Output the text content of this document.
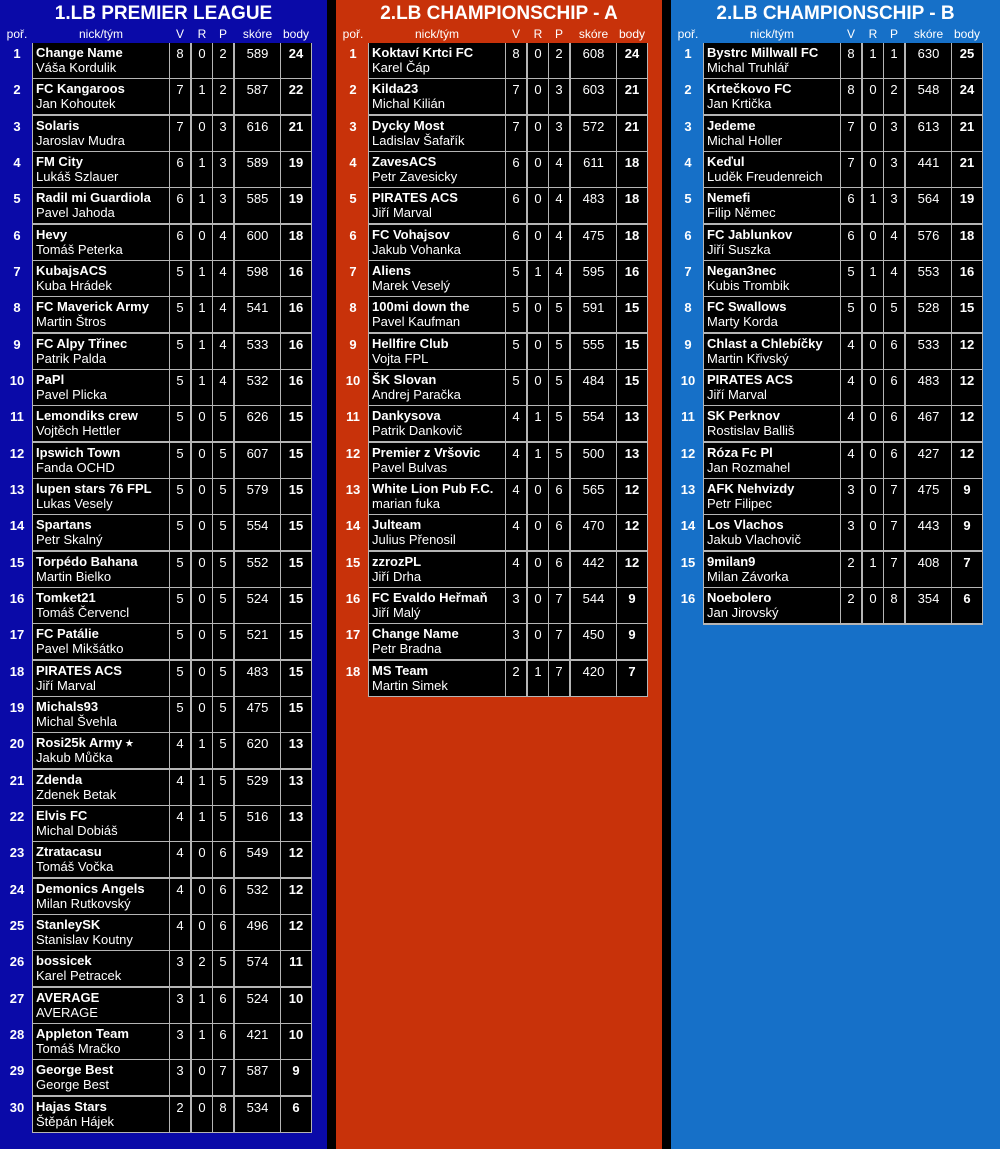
1.LB PREMIER LEAGUE
poř.	nick/tým	V	R	P	skóre body
1	Change Name
Váša Kordulik
8	0	2	589	24
2	FC Kangaroos
Jan Kohoutek
7	1	2	587	22
3	Solaris
Jaroslav Mudra
7	0	3	616	21
4	FM City
Lukáš Szlauer
6	1	3	589	19
5	Radil mi Guardiola
Pavel Jahoda
6	1	3	585	19
6	Hevy
Tomáš Peterka
6	0	4	600	18
7	KubajsACS
Kuba Hrádek
5	1	4	598	16
8	FC Maverick Army
Martin Štros
5	1	4	541	16
9	FC Alpy Třinec
Patrik Palda
5	1	4	533	16
10 PaPl
Pavel Plicka
5	1	4	532	16
11 Lemondiks crew
Vojtěch Hettler
5	0	5	626	15
12 Ipswich Town
Fanda OCHD
5	0	5	607	15
13 lupen stars 76 FPL
Lukas Vesely
5	0	5	579	15
14 Spartans
Petr Skalný
5	0	5	554	15
15 Torpédo Bahana
Martin Bielko
5	0	5	552	15
16 Tomket21
Tomáš Červencl
5	0	5	524	15
17 FC Patálie
Pavel Mikšátko
5	0	5	521	15
18 PIRATES ACS
Jiří Marval
5	0	5	483	15
19 Michals93
Michal Švehla
5	0	5	475	15
20 Rosi25k Army ⭑
Jakub Můčka
4	1	5	620	13
21 Zdenda
Zdenek Betak
4	1	5	529	13
22 Elvis FC
Michal Dobiáš
4	1	5	516	13
23 Ztratacasu
Tomáš Vočka
4	0	6	549	12
24 Demonics Angels
Milan Rutkovský
4	0	6	532	12
25 StanleySK
Stanislav Koutny
4	0	6	496	12
26 bossicek
Karel Petracek
3	2	5	574	11
27 AVERAGE
AVERAGE
3	1	6	524	10
28 Appleton Team
Tomáš Mračko
3	1	6	421	10
29 George Best
George Best
3	0	7	587	9
30 Hajas Stars
Štěpán Hájek
2	0	8	534	6
2.LB CHAMPIONSCHIP - A
poř.	nick/tým	V	R	P	skóre body
1	Koktaví Krtci FC
Karel Čáp
8	0	2	608	24
2	Kilda23
Michal Kilián
7	0	3	603	21
3	Dycky Most
Ladislav Šafařík
7	0	3	572	21
4	ZavesACS
Petr Zavesicky
6	0	4	611	18
5	PIRATES ACS
Jiří Marval
6	0	4	483	18
6	FC Vohajsov
Jakub Vohanka
6	0	4	475	18
7	Aliens
Marek Veselý
5	1	4	595	16
8	100mi down the
Pavel Kaufman
5	0	5	591	15
9	Hellfire Club
Vojta FPL
5	0	5	555	15
10 ŠK Slovan
Andrej Paračka
5	0	5	484	15
11 Dankysova
Patrik Dankovič
4	1	5	554	13
12 Premier z Vršovic
Pavel Bulvas
4	1	5	500	13
13 White Lion Pub F.C.
marian fuka
4	0	6	565	12
14 Julteam
Julius Přenosil
4	0	6	470	12
15 zzrozPL
Jiří Drha
4	0	6	442	12
16 FC Evaldo Heřmaň
Jiří Malý
3	0	7	544	9
17 Change Name
Petr Bradna
3	0	7	450	9
18 MS Team
Martin Simek
2	1	7	420	7
2.LB CHAMPIONSCHIP - B
poř.	nick/tým	V	R	P	skóre body
1	Bystrc Millwall FC
Michal Truhlář
8	1	1	630	25
2	Krtečkovo FC
Jan Krtička
8	0	2	548	24
3	Jedeme
Michal Holler
7	0	3	613	21
4	Keďul
Luděk Freudenreich
7	0	3	441	21
5	Nemefi
Filip Němec
6	1	3	564	19
6	FC Jablunkov
Jiří Suszka
6	0	4	576	18
7	Negan3nec
Kubis Trombik
5	1	4	553	16
8	FC Swallows
Marty Korda
5	0	5	528	15
9	Chlast a Chlebíčky
Martin Křivský
4	0	6	533	12
10 PIRATES ACS
Jiří Marval
4	0	6	483	12
11 SK Perknov
Rostislav Balliš
4	0	6	467	12
12 Róza Fc Pl
Jan Rozmahel
4	0	6	427	12
13 AFK Nehvizdy
Petr Filipec
3	0	7	475	9
14 Los Vlachos
Jakub Vlachovič
3	0	7	443	9
15 9milan9
Milan Závorka
2	1	7	408	7
16 Noebolero
Jan Jirovský
2	0	8	354	6
